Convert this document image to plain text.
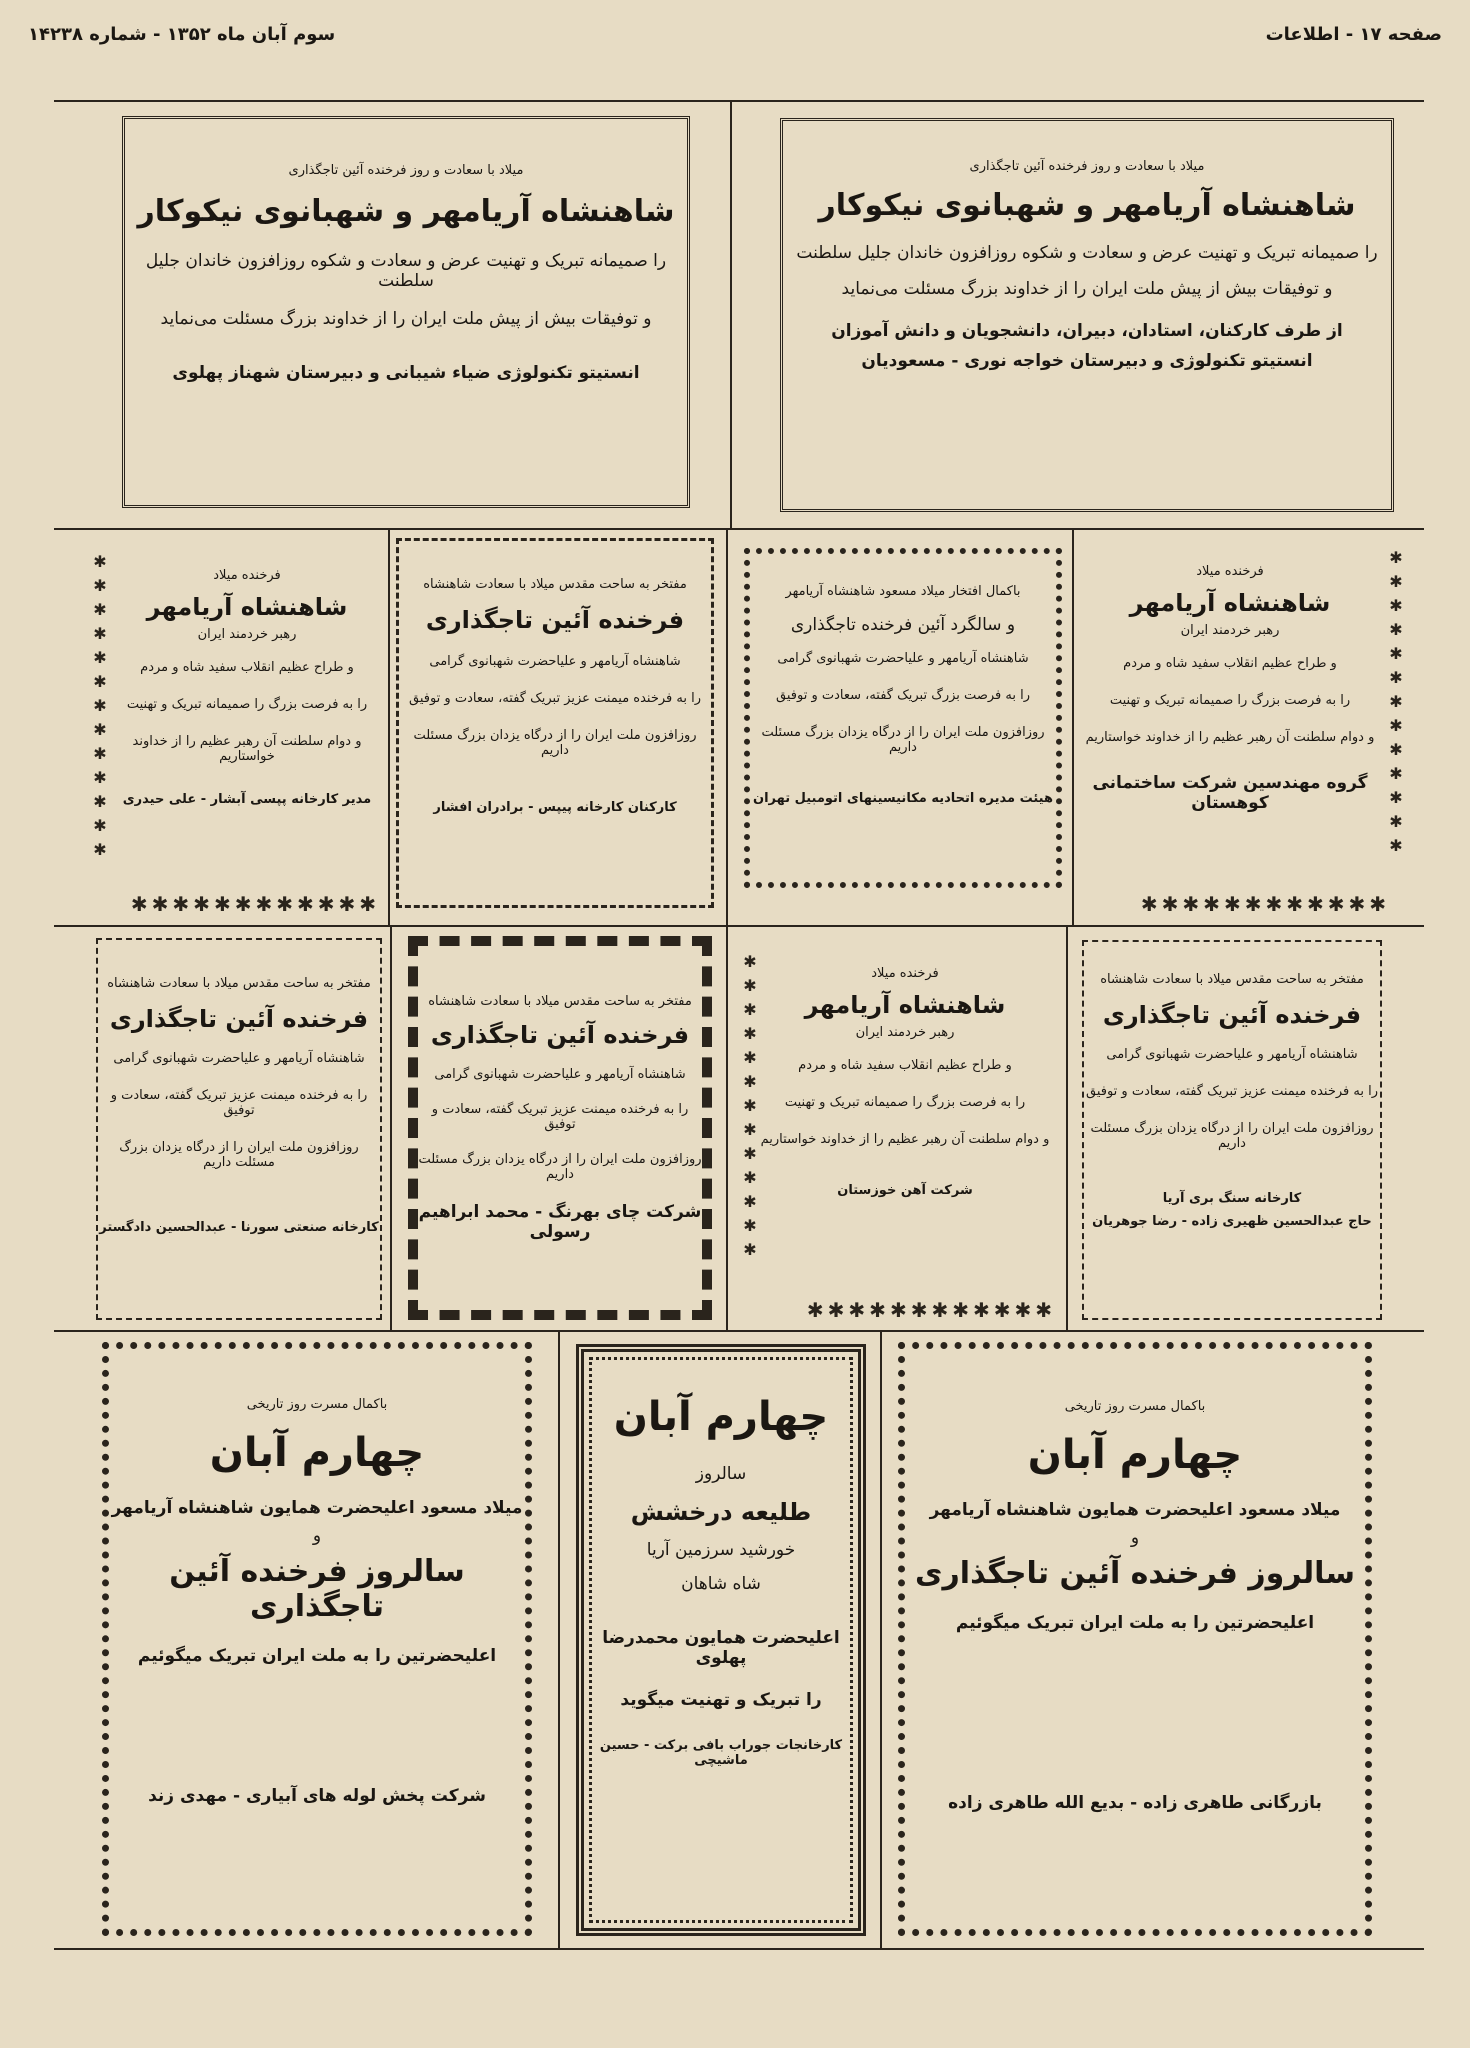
صفحه ۱۷ - اطلاعات
سوم آبان ماه ۱۳۵۲ - شماره ۱۴۲۳۸

میلاد با سعادت و روز فرخنده آئین تاجگذاری

شاهنشاه آریامهر و شهبانوی نیکوکار

را صمیمانه تبریک و تهنیت عرض و سعادت و شکوه روزافزون خاندان جلیل سلطنت

و توفیقات بیش از پیش ملت ایران را از خداوند بزرگ مسئلت می‌نماید

از طرف کارکنان، استادان، دبیران، دانشجویان و دانش آموزان

انستیتو تکنولوژی و دبیرستان خواجه نوری - مسعودیان

میلاد با سعادت و روز فرخنده آئین تاجگذاری

شاهنشاه آریامهر و شهبانوی نیکوکار

را صمیمانه تبریک و تهنیت عرض و سعادت و شکوه روزافزون خاندان جلیل سلطنت

و توفیقات بیش از پیش ملت ایران را از خداوند بزرگ مسئلت می‌نماید

انستیتو تکنولوژی ضیاء شیبانی و دبیرستان شهناز پهلوی

فرخنده میلاد

شاهنشاه آریامهر

رهبر خردمند ایران

و طراح عظیم انقلاب سفید شاه و مردم

را به فرصت بزرگ را صمیمانه تبریک و تهنیت

و دوام سلطنت آن رهبر عظیم را از خداوند خواستاریم

گروه مهندسین شرکت ساختمانی کوهستان

✱
✱
✱
✱
✱
✱
✱
✱
✱
✱
✱
✱
✱
✱✱✱✱✱✱✱✱✱✱✱✱

باکمال افتخار میلاد مسعود شاهنشاه آریامهر

و سالگرد آئین فرخنده تاجگذاری

شاهنشاه آریامهر و علیاحضرت شهبانوی گرامی

را به فرصت بزرگ تبریک گفته، سعادت و توفیق

روزافزون ملت ایران را از درگاه یزدان بزرگ مسئلت داریم

هیئت مدیره اتحادیه مکانیسینهای اتومبیل تهران

مفتخر به ساحت مقدس میلاد با سعادت شاهنشاه

فرخنده آئین تاجگذاری

شاهنشاه آریامهر و علیاحضرت شهبانوی گرامی

را به فرخنده میمنت عزیز تبریک گفته، سعادت و توفیق

روزافزون ملت ایران را از درگاه یزدان بزرگ مسئلت داریم

کارکنان کارخانه پیپس - برادران افشار

فرخنده میلاد

شاهنشاه آریامهر

رهبر خردمند ایران

و طراح عظیم انقلاب سفید شاه و مردم

را به فرصت بزرگ را صمیمانه تبریک و تهنیت

و دوام سلطنت آن رهبر عظیم را از خداوند خواستاریم

مدیر کارخانه پپسی آبشار - علی حیدری

✱
✱
✱
✱
✱
✱
✱
✱
✱
✱
✱
✱
✱
✱✱✱✱✱✱✱✱✱✱✱✱

مفتخر به ساحت مقدس میلاد با سعادت شاهنشاه

فرخنده آئین تاجگذاری

شاهنشاه آریامهر و علیاحضرت شهبانوی گرامی

را به فرخنده میمنت عزیز تبریک گفته، سعادت و توفیق

روزافزون ملت ایران را از درگاه یزدان بزرگ مسئلت داریم

کارخانه سنگ بری آریا

حاج عبدالحسین ظهیری زاده - رضا جوهریان

فرخنده میلاد

شاهنشاه آریامهر

رهبر خردمند ایران

و طراح عظیم انقلاب سفید شاه و مردم

را به فرصت بزرگ را صمیمانه تبریک و تهنیت

و دوام سلطنت آن رهبر عظیم را از خداوند خواستاریم

شرکت آهن خوزستان

✱
✱
✱
✱
✱
✱
✱
✱
✱
✱
✱
✱
✱
✱✱✱✱✱✱✱✱✱✱✱✱

مفتخر به ساحت مقدس میلاد با سعادت شاهنشاه

فرخنده آئین تاجگذاری

شاهنشاه آریامهر و علیاحضرت شهبانوی گرامی

را به فرخنده میمنت عزیز تبریک گفته، سعادت و توفیق

روزافزون ملت ایران را از درگاه یزدان بزرگ مسئلت داریم

شرکت چای بهرنگ - محمد ابراهیم رسولی

مفتخر به ساحت مقدس میلاد با سعادت شاهنشاه

فرخنده آئین تاجگذاری

شاهنشاه آریامهر و علیاحضرت شهبانوی گرامی

را به فرخنده میمنت عزیز تبریک گفته، سعادت و توفیق

روزافزون ملت ایران را از درگاه یزدان بزرگ مسئلت داریم

کارخانه صنعتی سورنا - عبدالحسین دادگستر

باکمال مسرت روز تاریخی

چهارم آبان

میلاد مسعود اعلیحضرت همایون شاهنشاه آریامهر

و

سالروز فرخنده آئین تاجگذاری

اعلیحضرتین را به ملت ایران تبریک میگوئیم

بازرگانی طاهری زاده - بدیع الله طاهری زاده

چهارم آبان

سالروز

طلیعه درخشش

خورشید سرزمین آریا

شاه شاهان

اعلیحضرت همایون محمدرضا پهلوی

را تبریک و تهنیت میگوید

کارخانجات جوراب بافی برکت - حسین ماشیچی

باکمال مسرت روز تاریخی

چهارم آبان

میلاد مسعود اعلیحضرت همایون شاهنشاه آریامهر

و

سالروز فرخنده آئین تاجگذاری

اعلیحضرتین را به ملت ایران تبریک میگوئیم

شرکت پخش لوله های آبیاری - مهدی زند
